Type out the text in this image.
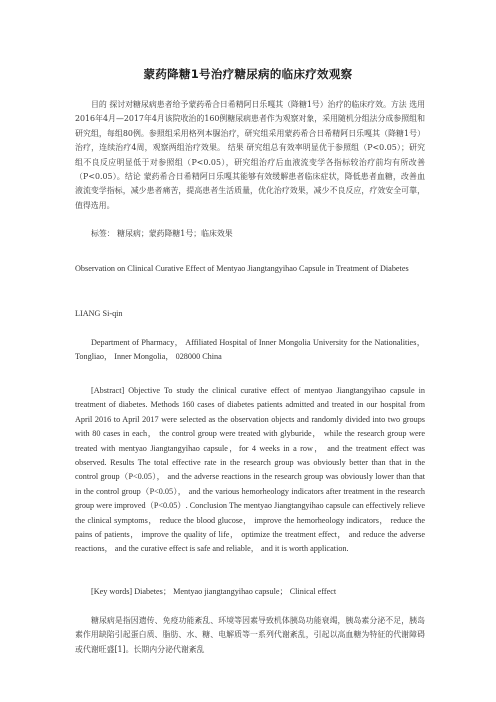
蒙药降糖1号治疗糖尿病的临床疗效观察
目的 探讨对糖尿病患者给予蒙药希合日希精阿日乐嘎其（降糖1号）治疗的临床疗效。方法 选用2016年4月—2017年4月该院收治的160例糖尿病患者作为观察对象，采用随机分组法分成参照组和研究组，每组80例。参照组采用格列本脲治疗，研究组采用蒙药希合日希精阿日乐嘎其（降糖1号）治疗，连续治疗4周，观察两组治疗效果。 结果 研究组总有效率明显优于参照组（P<0.05）；研究组不良反应明显低于对参照组（P<0.05），研究组治疗后血液流变学各指标较治疗前均有所改善（P<0.05）。结论 蒙药希合日希精阿日乐嘎其能够有效缓解患者临床症状，降低患者血糖，改善血液流变学指标，减少患者痛苦，提高患者生活质量，优化治疗效果，减少不良反应，疗效安全可靠，值得选用。
标签： 糖尿病；蒙药降糖1号；临床效果
Observation on Clinical Curative Effect of Mentyao Jiangtangyihao Capsule in Treatment of Diabetes
LIANG Si-qin
Department of Pharmacy， Affiliated Hospital of Inner Mongolia University for the Nationalities， Tongliao， Inner Mongolia， 028000 China
[Abstract] Objective To study the clinical curative effect of mentyao Jiangtangyihao capsule in treatment of diabetes. Methods 160 cases of diabetes patients admitted and treated in our hospital from April 2016 to April 2017 were selected as the observation objects and randomly divided into two groups with 80 cases in each， the control group were treated with glyburide， while the research group were treated with mentyao Jiangtangyihao capsule，for 4 weeks in a row， and the treatment effect was observed. Results The total effective rate in the research group was obviously better than that in the control group（P<0.05）， and the adverse reactions in the research group was obviously lower than that in the control group（P<0.05）， and the various hemorheology indicators after treatment in the research group were improved（P<0.05）. Conclusion The mentyao Jiangtangyihao capsule can effectively relieve the clinical symptoms， reduce the blood glucose， improve the hemorheology indicators， reduce the pains of patients， improve the quality of life， optimize the treatment effect， and reduce the adverse reactions， and the curative effect is safe and reliable， and it is worth application.
[Key words] Diabetes； Mentyao jiangtangyihao capsule； Clinical effect
糖尿病是指因遗传、免疫功能紊乱、环境等因素导致机体胰岛功能衰竭，胰岛素分泌不足，胰岛素作用缺陷引起蛋白质、脂肪、水、糖、电解质等一系列代谢紊乱，引起以高血糖为特征的代谢障碍或代谢旺盛[1]。长期内分泌代谢紊乱
